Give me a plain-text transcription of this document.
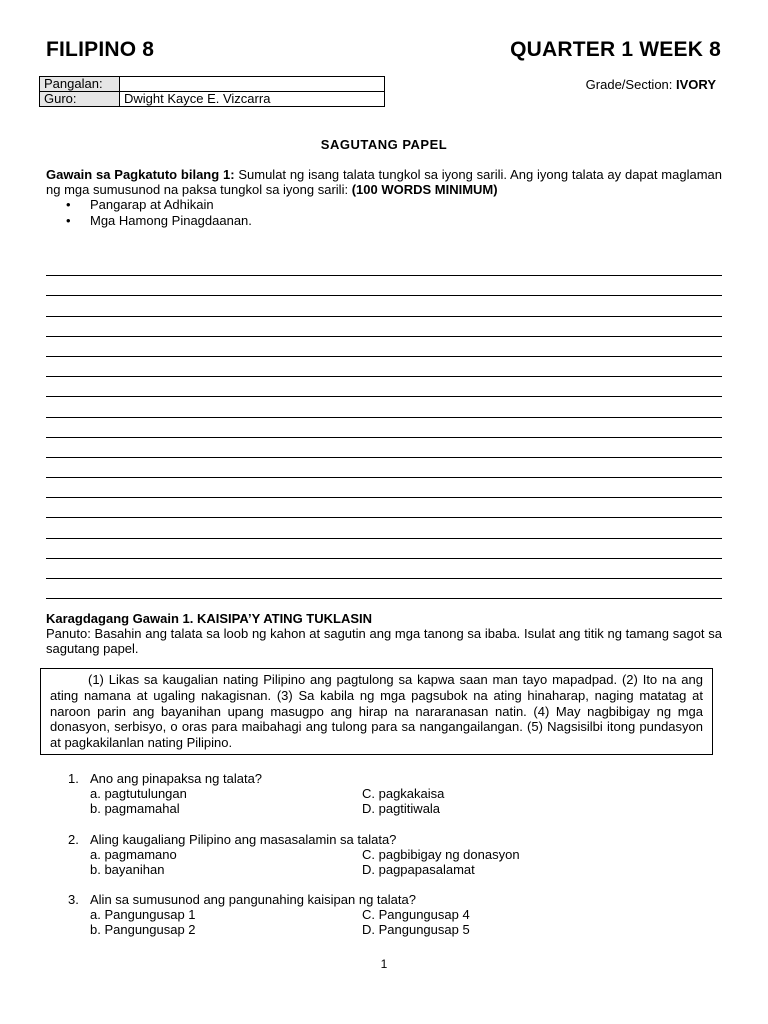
FILIPINO 8	QUARTER 1 WEEK 8
Pangalan:	
Guro:	Dwight Kayce E. Vizcarra
Grade/Section: IVORY
SAGUTANG PAPEL
Gawain sa Pagkatuto bilang 1: Sumulat ng isang talata tungkol sa iyong sarili. Ang iyong talata ay dapat maglaman ng mga sumusunod na paksa tungkol sa iyong sarili: (100 WORDS MINIMUM)
• Pangarap at Adhikain
• Mga Hamong Pinagdaanan.
Karagdagang Gawain 1. KAISIPA’Y ATING TUKLASIN
Panuto: Basahin ang talata sa loob ng kahon at sagutin ang mga tanong sa ibaba. Isulat ang titik ng tamang sagot sa sagutang papel.
(1) Likas sa kaugalian nating Pilipino ang pagtulong sa kapwa saan man tayo mapadpad. (2) Ito na ang ating namana at ugaling nakagisnan. (3) Sa kabila ng mga pagsubok na ating hinaharap, naging matatag at naroon parin ang bayanihan upang masugpo ang hirap na nararanasan natin. (4) May nagbibigay ng mga donasyon, serbisyo, o oras para maibahagi ang tulong para sa nangangailangan. (5) Nagsisilbi itong pundasyon at pagkakilanlan nating Pilipino.
1. Ano ang pinapaksa ng talata?
a. pagtutulungan	C. pagkakaisa
b. pagmamahal	D. pagtitiwala
2. Aling kaugaliang Pilipino ang masasalamin sa talata?
a. pagmamano	C. pagbibigay ng donasyon
b. bayanihan	D. pagpapasalamat
3. Alin sa sumusunod ang pangunahing kaisipan ng talata?
a. Pangungusap 1	C. Pangungusap 4
b. Pangungusap 2	D. Pangungusap 5
1
